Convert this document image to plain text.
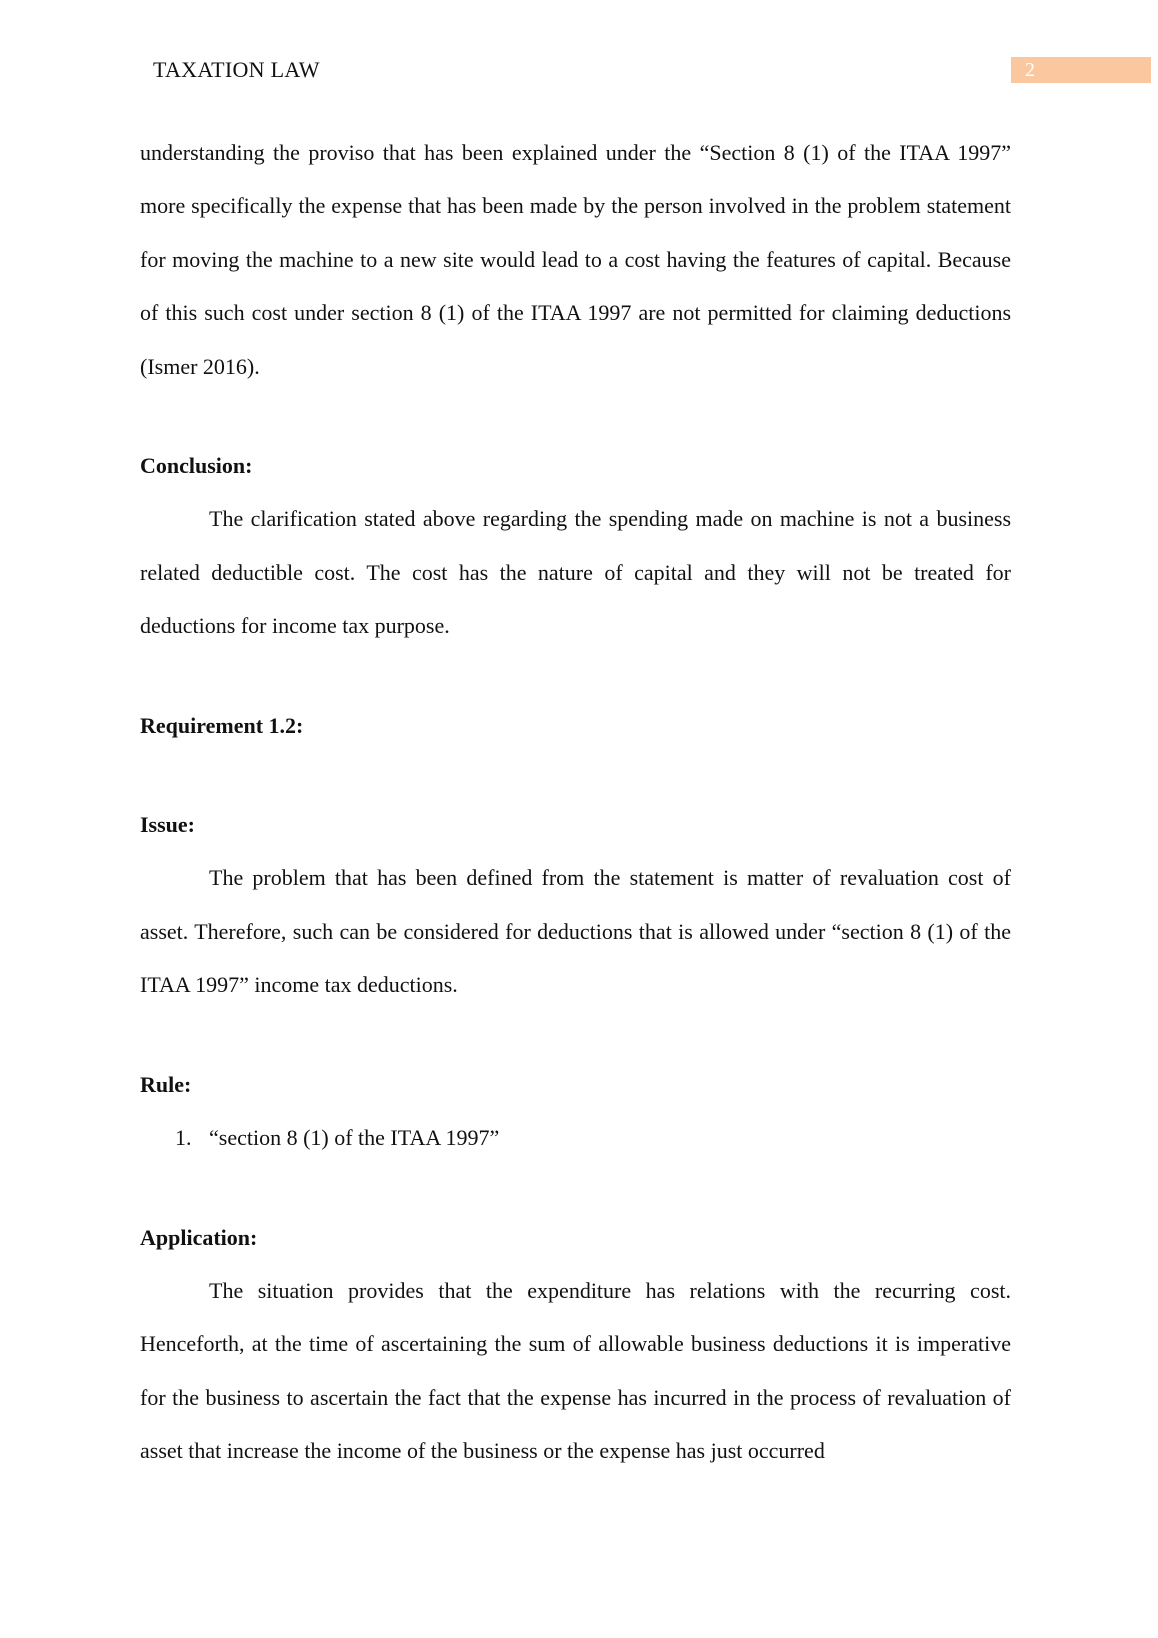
TAXATION LAW	2

understanding the proviso that has been explained under the “Section 8 (1) of the ITAA 1997” more specifically the expense that has been made by the person involved in the problem statement for moving the machine to a new site would lead to a cost having the features of capital. Because of this such cost under section 8 (1) of the ITAA 1997 are not permitted for claiming deductions (Ismer 2016).

Conclusion:

The clarification stated above regarding the spending made on machine is not a business related deductible cost. The cost has the nature of capital and they will not be treated for deductions for income tax purpose.

Requirement 1.2:

Issue:

The problem that has been defined from the statement is matter of revaluation cost of asset. Therefore, such can be considered for deductions that is allowed under “section 8 (1) of the ITAA 1997” income tax deductions.

Rule:

1. “section 8 (1) of the ITAA 1997”

Application:

The situation provides that the expenditure has relations with the recurring cost. Henceforth, at the time of ascertaining the sum of allowable business deductions it is imperative for the business to ascertain the fact that the expense has incurred in the process of revaluation of asset that increase the income of the business or the expense has just occurred
